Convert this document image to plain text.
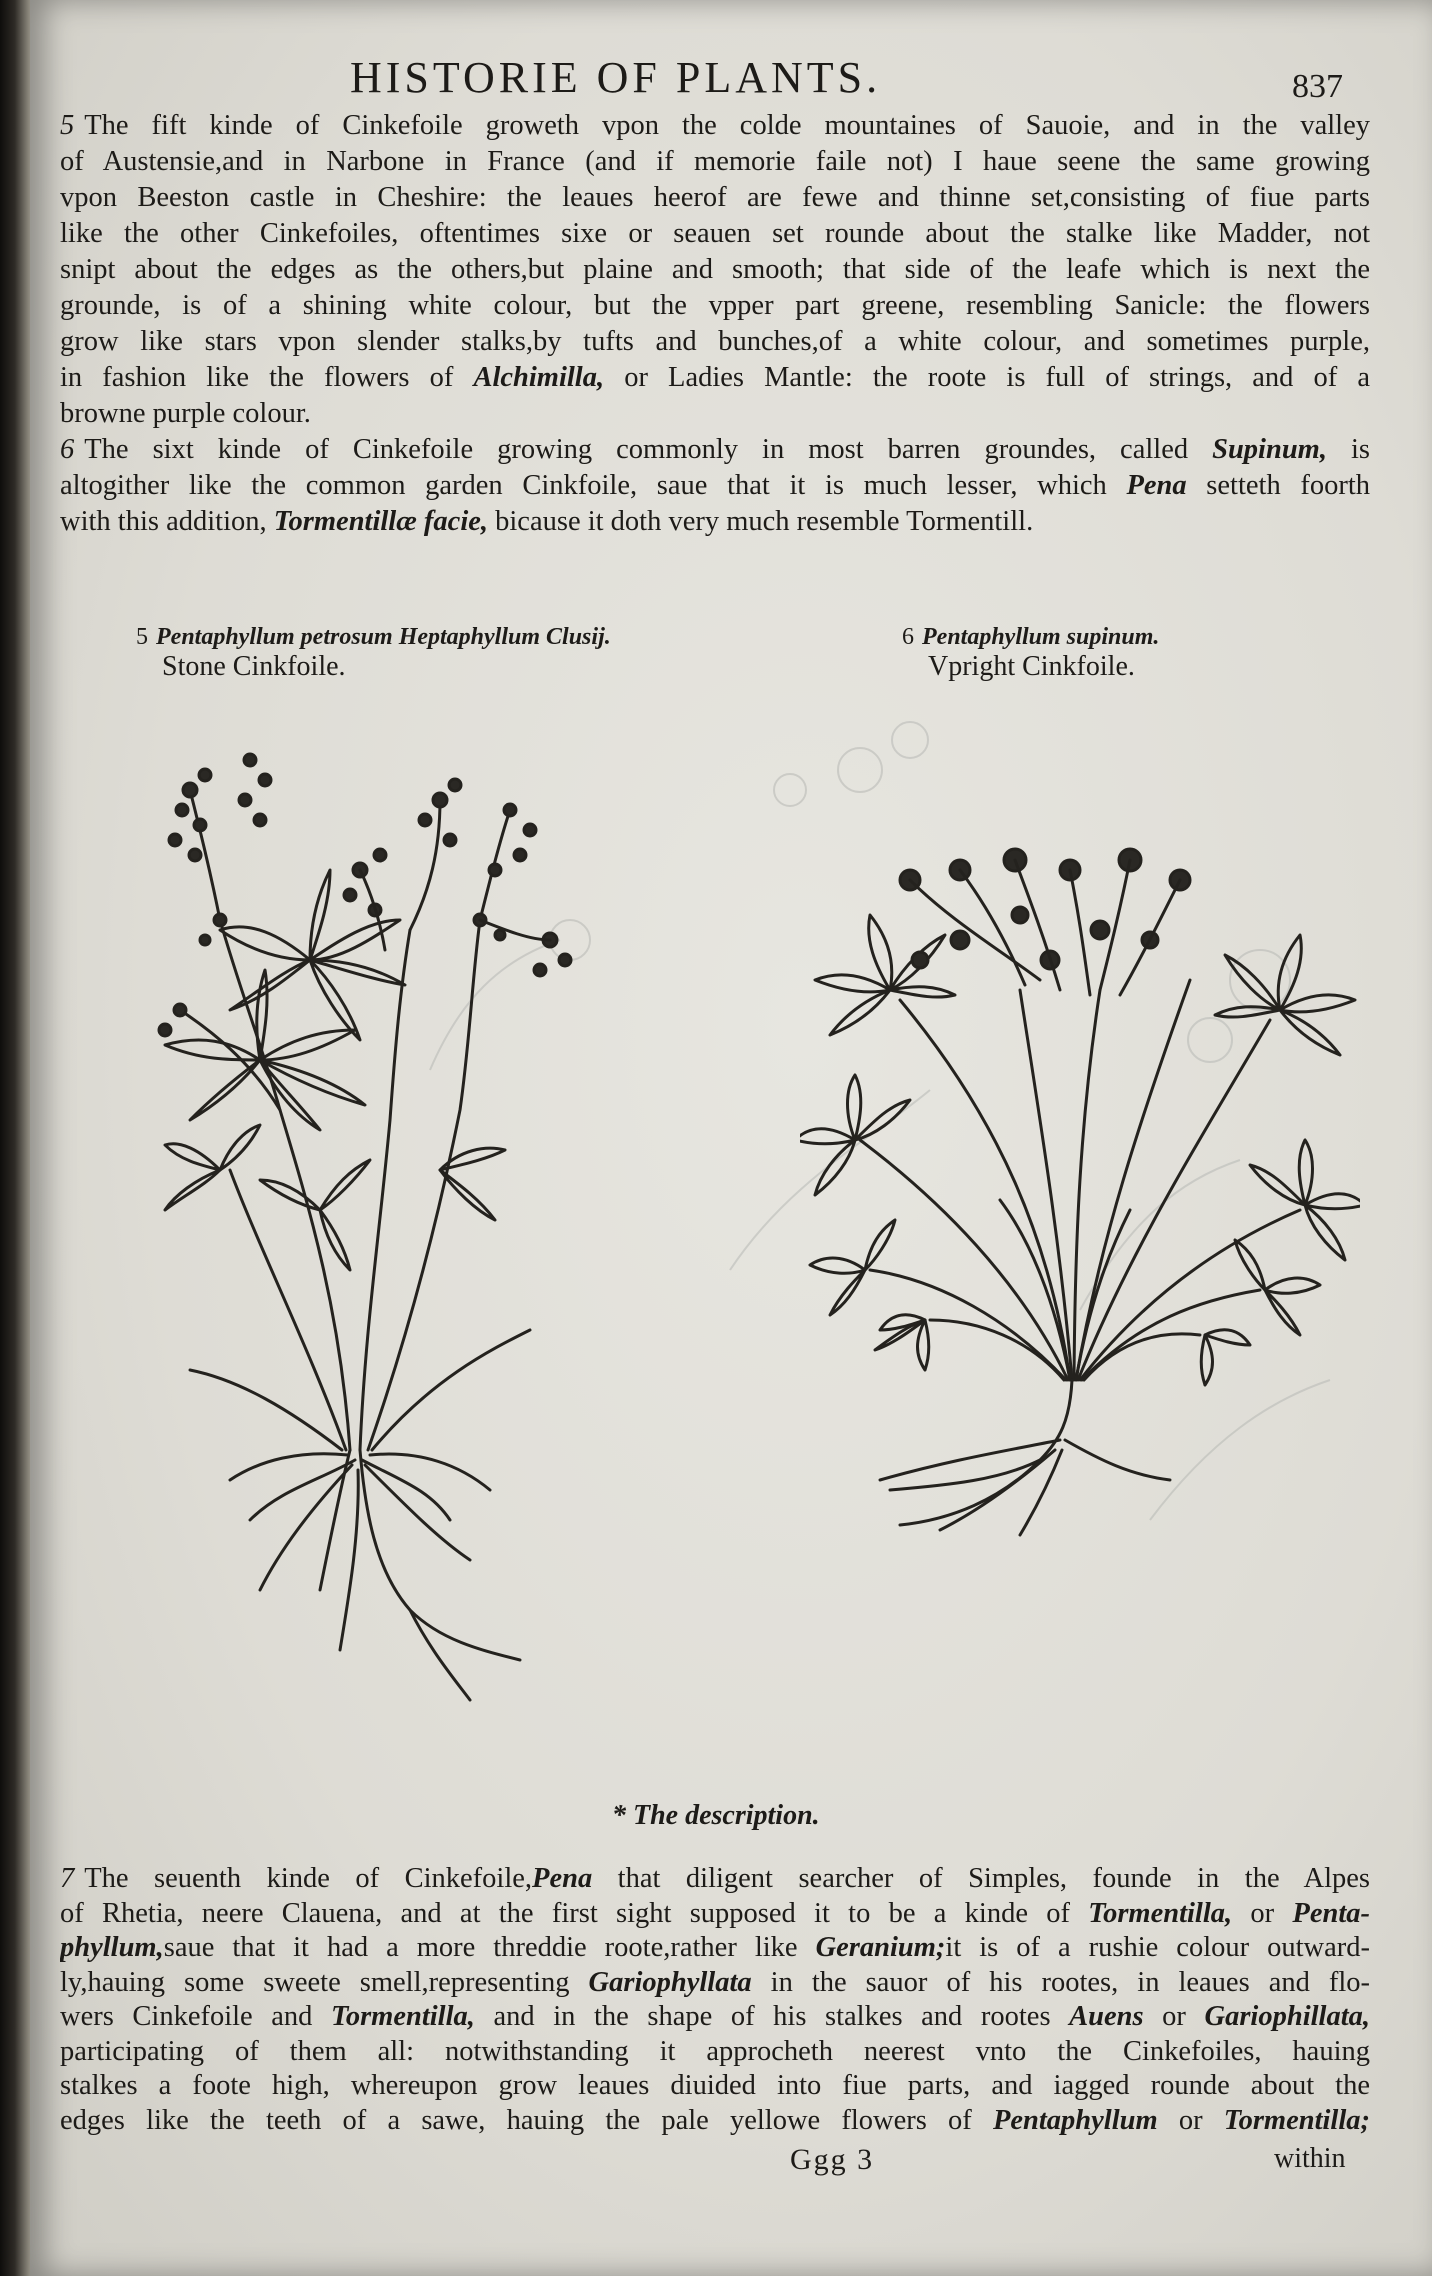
HISTORIE OF PLANTS.	837
5 The fift kinde of Cinkefoile groweth vpon the colde mountaines of Sauoie, and in the valley
of Austensie,and in Narbone in France (and if memorie faile not) I haue seene the same growing
vpon Beeston castle in Cheshire: the leaues heerof are fewe and thinne set,consisting of fiue parts
like the other Cinkefoiles, oftentimes sixe or seauen set rounde about the stalke like Madder, not
snipt about the edges as the others,but plaine and smooth; that side of the leafe which is next the
grounde, is of a shining white colour, but the vpper part greene, resembling Sanicle: the flowers
grow like stars vpon slender stalks,by tufts and bunches,of a white colour, and sometimes purple,
in fashion like the flowers of Alchimilla, or Ladies Mantle: the roote is full of strings, and of a
browne purple colour.
6 The sixt kinde of Cinkefoile growing commonly in most barren groundes, called Supinum, is
altogither like the common garden Cinkfoile, saue that it is much lesser, which Pena setteth foorth
with this addition, Tormentillæ facie, bicause it doth very much resemble Tormentill.
5 Pentaphyllum petrosum Heptaphyllum Clusij.
Stone Cinkfoile.
6 Pentaphyllum supinum.
Vpright Cinkfoile.
* The description.
7 The seuenth kinde of Cinkefoile,Pena that diligent searcher of Simples, founde in the Alpes
of Rhetia, neere Clauena, and at the first sight supposed it to be a kinde of Tormentilla, or Penta-
phyllum,saue that it had a more threddie roote,rather like Geranium;it is of a rushie colour outward-
ly,hauing some sweete smell,representing Gariophyllata in the sauor of his rootes, in leaues and flo-
wers Cinkefoile and Tormentilla, and in the shape of his stalkes and rootes Auens or Gariophillata,
participating of them all: notwithstanding it approcheth neerest vnto the Cinkefoiles, hauing
stalkes a foote high, whereupon grow leaues diuided into fiue parts, and iagged rounde about the
edges like the teeth of a sawe, hauing the pale yellowe flowers of Pentaphyllum or Tormentilla;
Ggg 3	within
